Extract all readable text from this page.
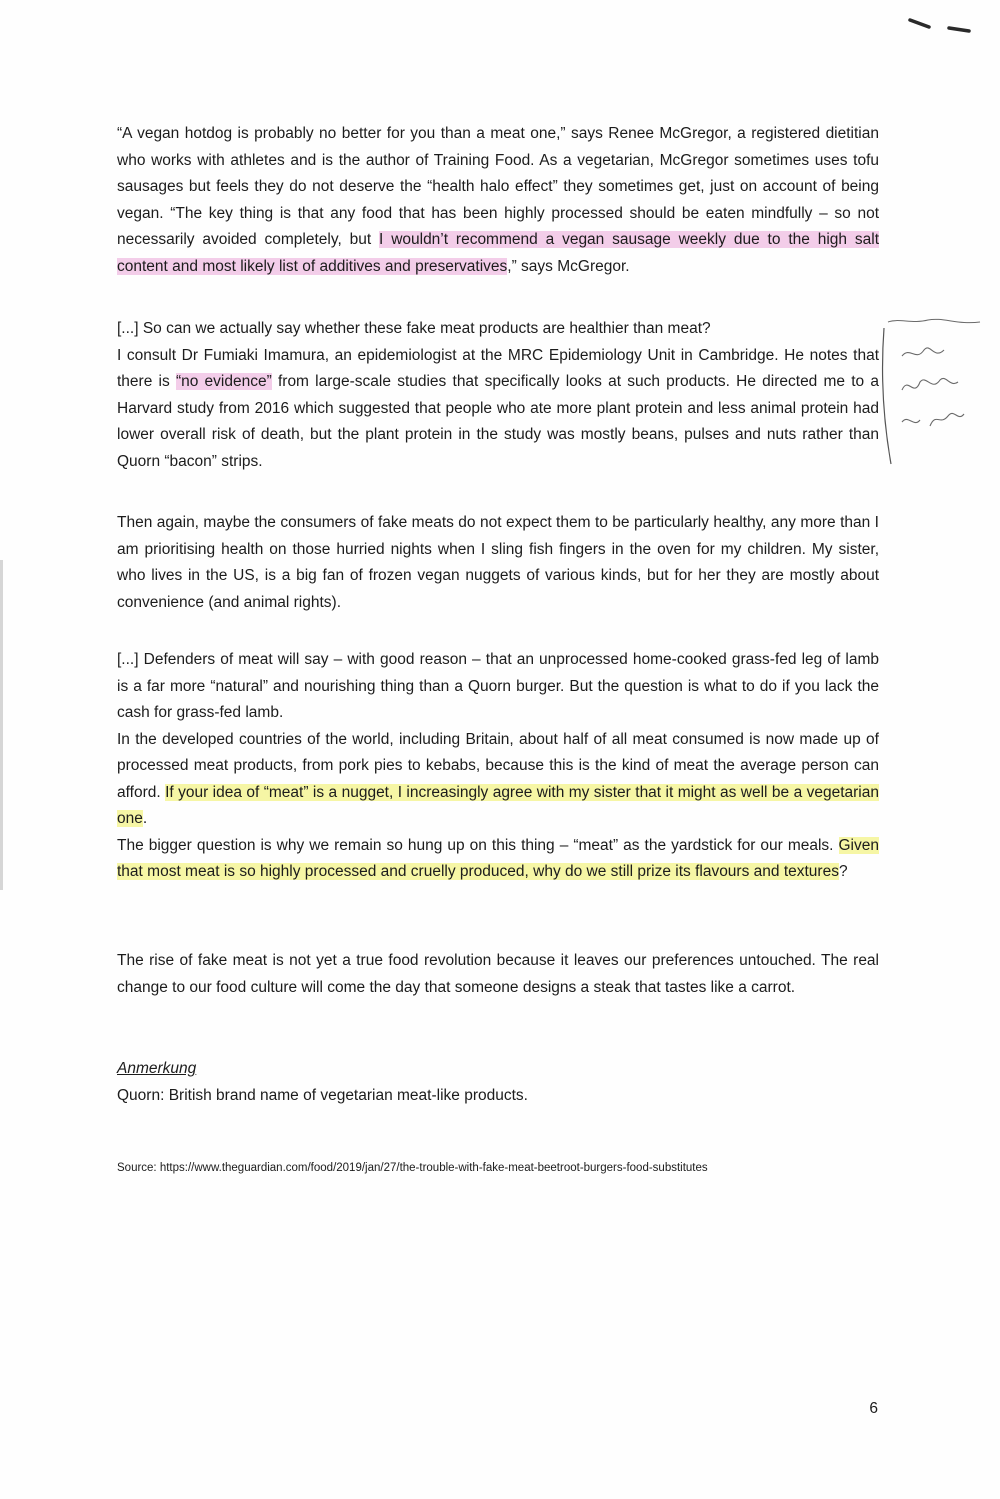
“A vegan hotdog is probably no better for you than a meat one,” says Renee McGregor, a registered dietitian who works with athletes and is the author of Training Food. As a vegetarian, McGregor sometimes uses tofu sausages but feels they do not deserve the “health halo effect” they sometimes get, just on account of being vegan. “The key thing is that any food that has been highly processed should be eaten mindfully – so not necessarily avoided completely, but I wouldn’t recommend a vegan sausage weekly due to the high salt content and most likely list of additives and preservatives,” says McGregor.

[...] So can we actually say whether these fake meat products are healthier than meat?

I consult Dr Fumiaki Imamura, an epidemiologist at the MRC Epidemiology Unit in Cambridge. He notes that there is “no evidence” from large-scale studies that specifically looks at such products. He directed me to a Harvard study from 2016 which suggested that people who ate more plant protein and less animal protein had lower overall risk of death, but the plant protein in the study was mostly beans, pulses and nuts rather than Quorn “bacon” strips.

Then again, maybe the consumers of fake meats do not expect them to be particularly healthy, any more than I am prioritising health on those hurried nights when I sling fish fingers in the oven for my children. My sister, who lives in the US, is a big fan of frozen vegan nuggets of various kinds, but for her they are mostly about convenience (and animal rights).

[...] Defenders of meat will say – with good reason – that an unprocessed home-cooked grass-fed leg of lamb is a far more “natural” and nourishing thing than a Quorn burger. But the question is what to do if you lack the cash for grass-fed lamb.

In the developed countries of the world, including Britain, about half of all meat consumed is now made up of processed meat products, from pork pies to kebabs, because this is the kind of meat the average person can afford. If your idea of “meat” is a nugget, I increasingly agree with my sister that it might as well be a vegetarian one.

The bigger question is why we remain so hung up on this thing – “meat” as the yardstick for our meals. Given that most meat is so highly processed and cruelly produced, why do we still prize its flavours and textures?

The rise of fake meat is not yet a true food revolution because it leaves our preferences untouched. The real change to our food culture will come the day that someone designs a steak that tastes like a carrot.

Anmerkung
Quorn: British brand name of vegetarian meat-like products.
Source: https://www.theguardian.com/food/2019/jan/27/the-trouble-with-fake-meat-beetroot-burgers-food-substitutes
6
